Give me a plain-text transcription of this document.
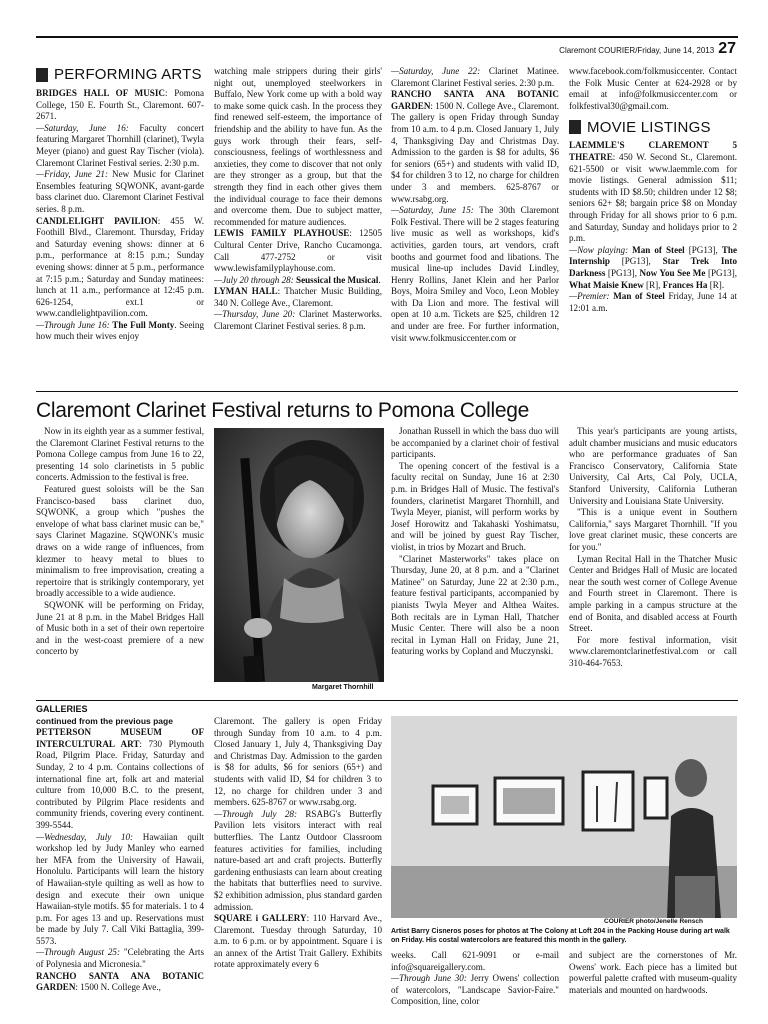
Claremont COURIER/Friday, June 14, 2013 27
PERFORMING ARTS

BRIDGES HALL OF MUSIC: Pomona College, 150 E. Fourth St., Claremont. 607-2671.

—Saturday, June 16: Faculty concert featuring Margaret Thornhill (clarinet), Twyla Meyer (piano) and guest Ray Tischer (viola). Claremont Clarinet Festival series. 2:30 p.m.

—Friday, June 21: New Music for Clarinet Ensembles featuring SQWONK, avant-garde bass clarinet duo. Claremont Clarinet Festival series. 8 p.m.

CANDLELIGHT PAVILION: 455 W. Foothill Blvd., Claremont. Thursday, Friday and Saturday evening shows: dinner at 6 p.m., performance at 8:15 p.m.; Sunday evening shows: dinner at 5 p.m., performance at 7:15 p.m.; Saturday and Sunday matinees: lunch at 11 a.m., performance at 12:45 p.m. 626-1254, ext.1 or www.candlelightpavilion.com.

—Through June 16: The Full Monty. Seeing how much their wives enjoy

watching male strippers during their girls' night out, unemployed steelworkers in Buffalo, New York come up with a bold way to make some quick cash. In the process they find renewed self-esteem, the importance of friendship and the ability to have fun. As the guys work through their fears, self-consciousness, feelings of worthlessness and anxieties, they come to discover that not only are they stronger as a group, but that the strength they find in each other gives them the individual courage to face their demons and overcome them. Due to subject matter, recommended for mature audiences.

LEWIS FAMILY PLAYHOUSE: 12505 Cultural Center Drive, Rancho Cucamonga. Call 477-2752 or visit www.lewisfamilyplayhouse.com.

—July 20 through 28: Seussical the Musical.

LYMAN HALL: Thatcher Music Building, 340 N. College Ave., Claremont.

—Thursday, June 20: Clarinet Masterworks. Claremont Clarinet Festival series. 8 p.m.

—Saturday, June 22: Clarinet Matinee. Claremont Clarinet Festival series. 2:30 p.m.

RANCHO SANTA ANA BOTANIC GARDEN: 1500 N. College Ave., Claremont. The gallery is open Friday through Sunday from 10 a.m. to 4 p.m. Closed January 1, July 4, Thanksgiving Day and Christmas Day. Admission to the garden is $8 for adults, $6 for seniors (65+) and students with valid ID, $4 for children 3 to 12, no charge for children under 3 and members. 625-8767 or www.rsabg.org.

—Saturday, June 15: The 30th Claremont Folk Festival. There will be 2 stages featuring live music as well as workshops, kid's activities, garden tours, art vendors, craft booths and gourmet food and libations. The musical line-up includes David Lindley, Henry Rollins, Janet Klein and her Parlor Boys, Moira Smiley and Voco, Leon Mobley with Da Lion and more. The festival will open at 10 a.m. Tickets are $25, children 12 and under are free. For further information, visit www.folkmusiccenter.com or

www.facebook.com/folkmusiccenter. Contact the Folk Music Center at 624-2928 or by email at info@folkmusiccenter.com or folkfestival30@gmail.com.

MOVIE LISTINGS

LAEMMLE'S CLAREMONT 5 THEATRE: 450 W. Second St., Claremont. 621-5500 or visit www.laemmle.com for movie listings. General admission $11; students with ID $8.50; children under 12 $8; seniors 62+ $8; bargain price $8 on Monday through Friday for all shows prior to 6 p.m. and Saturday, Sunday and holidays prior to 2 p.m.

—Now playing: Man of Steel [PG13], The Internship [PG13], Star Trek Into Darkness [PG13], Now You See Me [PG13], What Maisie Knew [R], Frances Ha [R].

—Premier: Man of Steel Friday, June 14 at 12:01 a.m.

Claremont Clarinet Festival returns to Pomona College

Now in its eighth year as a summer festival, the Claremont Clarinet Festival returns to the Pomona College campus from June 16 to 22, presenting 14 solo clarinetists in 5 public concerts. Admission to the festival is free.

Featured guest soloists will be the San Francisco-based bass clarinet duo, SQWONK, a group which "pushes the envelope of what bass clarinet music can be," says Clarinet Magazine. SQWONK's music draws on a wide range of influences, from klezmer to heavy metal to blues to minimalism to free improvisation, creating a repertoire that is strikingly contemporary, yet broadly accessible to a wide audience.

SQWONK will be performing on Friday, June 21 at 8 p.m. in the Mabel Bridges Hall of Music both in a set of their own repertoire and in the west-coast premiere of a new concerto by

Margaret Thornhill

Jonathan Russell in which the bass duo will be accompanied by a clarinet choir of festival participants.

The opening concert of the festival is a faculty recital on Sunday, June 16 at 2:30 p.m. in Bridges Hall of Music. The festival's founders, clarinetist Margaret Thornhill, and Twyla Meyer, pianist, will perform works by Josef Horowitz and Takahaski Yoshimatsu, and will be joined by guest Ray Tischer, violist, in trios by Mozart and Bruch.

"Clarinet Masterworks" takes place on Thursday, June 20, at 8 p.m. and a "Clarinet Matinee" on Saturday, June 22 at 2:30 p.m., feature festival participants, accompanied by pianists Twyla Meyer and Althea Waites. Both recitals are in Lyman Hall, Thatcher Music Center. There will also be a noon recital in Lyman Hall on Friday, June 21, featuring works by Copland and Muczynski.

This year's participants are young artists, adult chamber musicians and music educators who are performance graduates of San Francisco Conservatory, California State University, Cal Arts, Cal Poly, UCLA, Stanford University, California Lutheran University and Louisiana State University.

"This is a unique event in Southern California," says Margaret Thornhill. "If you love great clarinet music, these concerts are for you."

Lyman Recital Hall in the Thatcher Music Center and Bridges Hall of Music are located near the south west corner of College Avenue and Fourth street in Claremont. There is ample parking in a campus structure at the end of Bonita, and disabled access at Fourth Street.

For more festival information, visit www.claremontclarinetfestival.com or call 310-464-7653.

GALLERIES
continued from the previous page

PETTERSON MUSEUM OF INTERCULTURAL ART: 730 Plymouth Road, Pilgrim Place. Friday, Saturday and Sunday, 2 to 4 p.m. Contains collections of international fine art, folk art and material culture from 10,000 B.C. to the present, contributed by Pilgrim Place residents and community friends, covering every continent. 399-5544.

—Wednesday, July 10: Hawaiian quilt workshop led by Judy Manley who earned her MFA from the University of Hawaii, Honolulu. Participants will learn the history of Hawaiian-style quilting as well as how to design and execute their own unique Hawaiian-style motifs. $5 for materials. 1 to 4 p.m. For ages 13 and up. Reservations must be made by July 7. Call Viki Battaglia, 399-5573.

—Through August 25: "Celebrating the Arts of Polynesia and Micronesia."

RANCHO SANTA ANA BOTANIC GARDEN: 1500 N. College Ave.,

Claremont. The gallery is open Friday through Sunday from 10 a.m. to 4 p.m. Closed January 1, July 4, Thanksgiving Day and Christmas Day. Admission to the garden is $8 for adults, $6 for seniors (65+) and students with valid ID, $4 for children 3 to 12, no charge for children under 3 and members. 625-8767 or www.rsabg.org.

—Through July 28: RSABG's Butterfly Pavilion lets visitors interact with real butterflies. The Lantz Outdoor Classroom features activities for families, including nature-based art and craft projects. Butterfly gardening enthusiasts can learn about creating the habitats that butterflies need to survive. $2 exhibition admission, plus standard garden admission.

SQUARE i GALLERY: 110 Harvard Ave., Claremont. Tuesday through Saturday, 10 a.m. to 6 p.m. or by appointment. Square i is an annex of the Artist Trait Gallery. Exhibits rotate approximately every 6

COURIER photo/Jenelle Rensch
Artist Barry Cisneros poses for photos at The Colony at Loft 204 in the Packing House during art walk on Friday. His costal watercolors are featured this month in the gallery.

weeks. Call 621-9091 or e-mail info@squareigallery.com.

—Through June 30: Jerry Owens' collection of watercolors, "Landscape Savior-Faire." Composition, line, color

and subject are the cornerstones of Mr. Owens' work. Each piece has a limited but powerful palette crafted with museum-quality materials and mounted on hardwoods.
